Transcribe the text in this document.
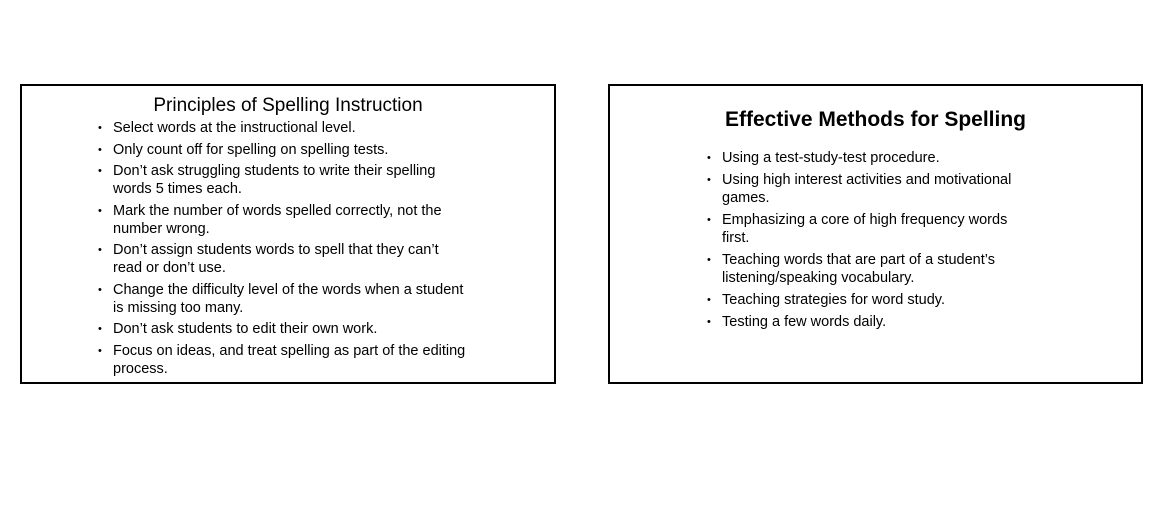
Principles of Spelling Instruction
• Select words at the instructional level.
• Only count off for spelling on spelling tests.
• Don’t ask struggling students to write their spelling words 5 times each.
• Mark the number of words spelled correctly, not the number wrong.
• Don’t assign students words to spell that they can’t read or don’t use.
• Change the difficulty level of the words when a student is missing too many.
• Don’t ask students to edit their own work.
• Focus on ideas, and treat spelling as part of the editing process.
Effective Methods for Spelling
• Using a test-study-test procedure.
• Using high interest activities and motivational games.
• Emphasizing a core of high frequency words first.
• Teaching words that are part of a student’s listening/speaking vocabulary.
• Teaching strategies for word study.
• Testing a few words daily.
